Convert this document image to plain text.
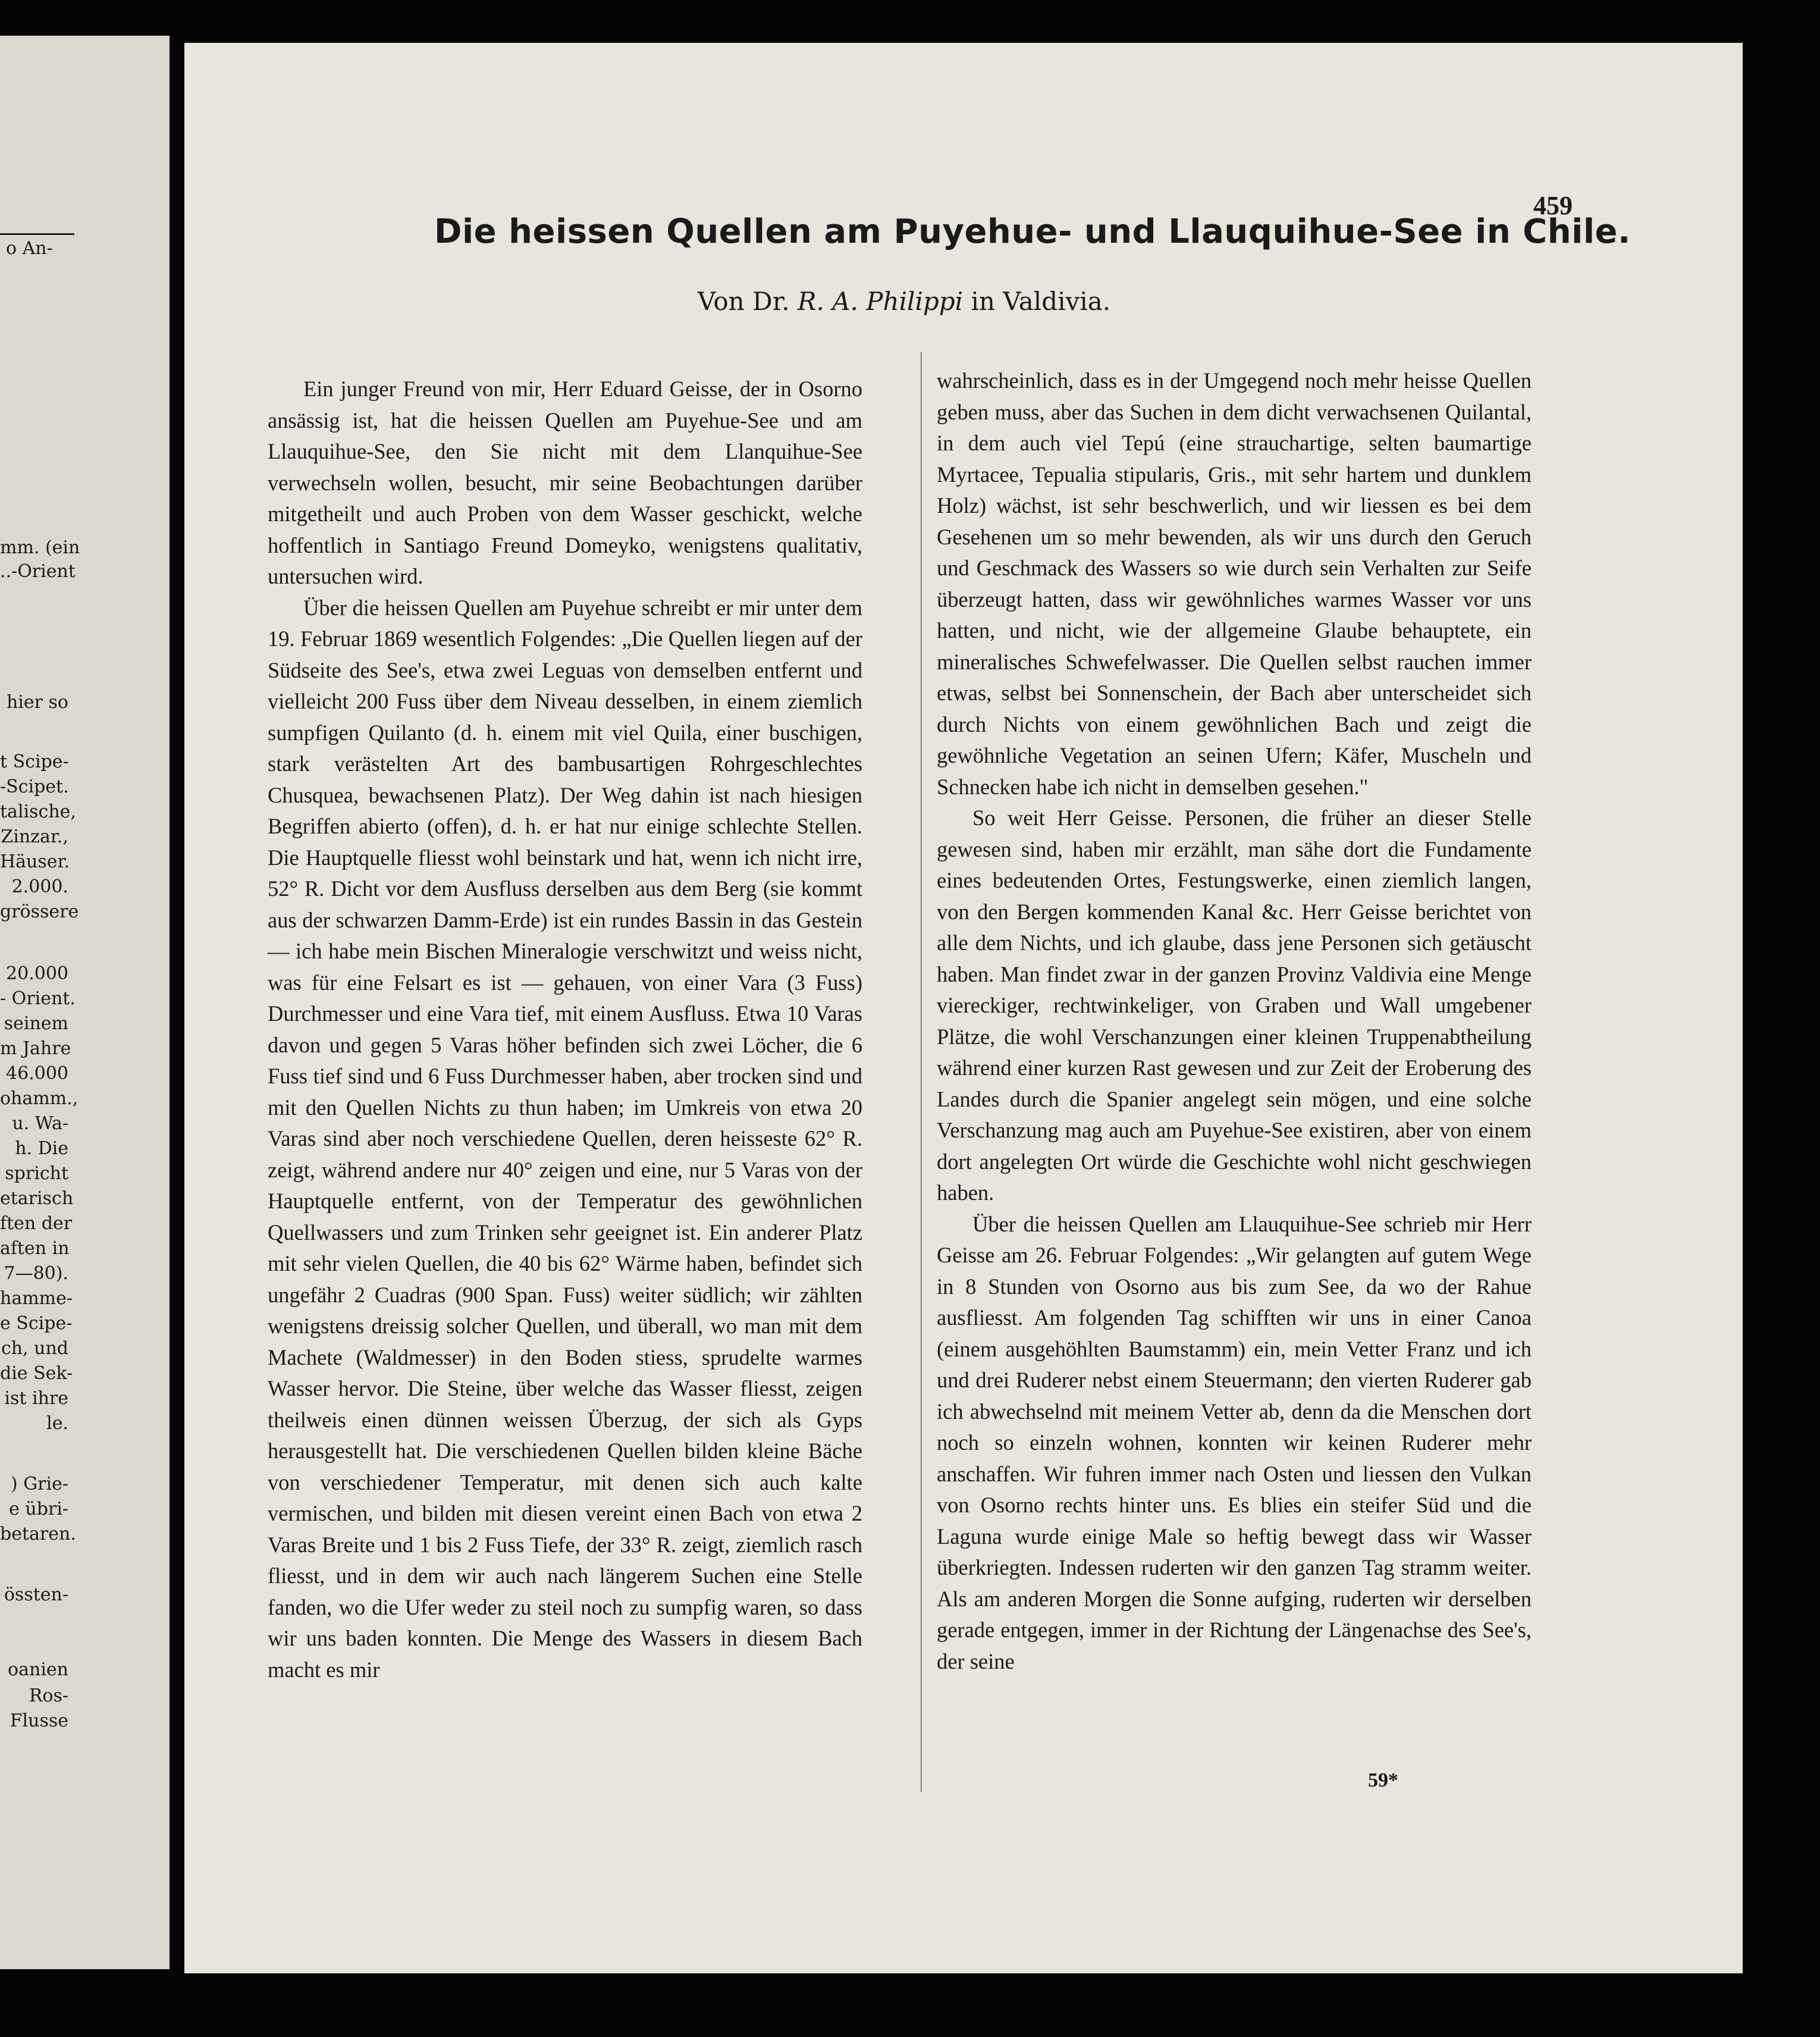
o An-
mm. (ein
..-Orient
hier so
t Scipe-
-Scipet.
talische,
Zinzar.,
Häuser.
2.000.
grössere
20.000
- Orient.
seinem
m Jahre
46.000
ohamm.,
u. Wa-
h. Die
spricht
etarisch
ften der
aften in
7—80).
hamme-
e Scipe-
ch, und
die Sek-
ist ihre
le.
) Grie-
e übri-
betaren.
össten-
oanien
Ros-
Flusse
459
Die heissen Quellen am Puyehue- und Llauquihue-See in Chile.

Von Dr. R. A. Philippi in Valdivia.

Ein junger Freund von mir, Herr Eduard Geisse, der in Osorno ansässig ist, hat die heissen Quellen am Puyehue-See und am Llauquihue-See, den Sie nicht mit dem Llanquihue-See verwechseln wollen, besucht, mir seine Beobachtungen darüber mitgetheilt und auch Proben von dem Wasser geschickt, welche hoffentlich in Santiago Freund Domeyko, wenigstens qualitativ, untersuchen wird.

Über die heissen Quellen am Puyehue schreibt er mir unter dem 19. Februar 1869 wesentlich Folgendes: „Die Quellen liegen auf der Südseite des See's, etwa zwei Leguas von demselben entfernt und vielleicht 200 Fuss über dem Niveau desselben, in einem ziemlich sumpfigen Quilanto (d. h. einem mit viel Quila, einer buschigen, stark verästelten Art des bambusartigen Rohrgeschlechtes Chusquea, bewachsenen Platz). Der Weg dahin ist nach hiesigen Begriffen abierto (offen), d. h. er hat nur einige schlechte Stellen. Die Hauptquelle fliesst wohl beinstark und hat, wenn ich nicht irre, 52° R. Dicht vor dem Ausfluss derselben aus dem Berg (sie kommt aus der schwarzen Damm-Erde) ist ein rundes Bassin in das Gestein — ich habe mein Bischen Mineralogie verschwitzt und weiss nicht, was für eine Felsart es ist — gehauen, von einer Vara (3 Fuss) Durchmesser und eine Vara tief, mit einem Ausfluss. Etwa 10 Varas davon und gegen 5 Varas höher befinden sich zwei Löcher, die 6 Fuss tief sind und 6 Fuss Durchmesser haben, aber trocken sind und mit den Quellen Nichts zu thun haben; im Umkreis von etwa 20 Varas sind aber noch verschiedene Quellen, deren heisseste 62° R. zeigt, während andere nur 40° zeigen und eine, nur 5 Varas von der Hauptquelle entfernt, von der Temperatur des gewöhnlichen Quellwassers und zum Trinken sehr geeignet ist. Ein anderer Platz mit sehr vielen Quellen, die 40 bis 62° Wärme haben, befindet sich ungefähr 2 Cuadras (900 Span. Fuss) weiter südlich; wir zählten wenigstens dreissig solcher Quellen, und überall, wo man mit dem Machete (Waldmesser) in den Boden stiess, sprudelte warmes Wasser hervor. Die Steine, über welche das Wasser fliesst, zeigen theilweis einen dünnen weissen Überzug, der sich als Gyps herausgestellt hat. Die verschiedenen Quellen bilden kleine Bäche von verschiedener Temperatur, mit denen sich auch kalte vermischen, und bilden mit diesen vereint einen Bach von etwa 2 Varas Breite und 1 bis 2 Fuss Tiefe, der 33° R. zeigt, ziemlich rasch fliesst, und in dem wir auch nach längerem Suchen eine Stelle fanden, wo die Ufer weder zu steil noch zu sumpfig waren, so dass wir uns baden konnten. Die Menge des Wassers in diesem Bach macht es mir

wahrscheinlich, dass es in der Umgegend noch mehr heisse Quellen geben muss, aber das Suchen in dem dicht verwachsenen Quilantal, in dem auch viel Tepú (eine strauchartige, selten baumartige Myrtacee, Tepualia stipularis, Gris., mit sehr hartem und dunklem Holz) wächst, ist sehr beschwerlich, und wir liessen es bei dem Gesehenen um so mehr bewenden, als wir uns durch den Geruch und Geschmack des Wassers so wie durch sein Verhalten zur Seife überzeugt hatten, dass wir gewöhnliches warmes Wasser vor uns hatten, und nicht, wie der allgemeine Glaube behauptete, ein mineralisches Schwefelwasser. Die Quellen selbst rauchen immer etwas, selbst bei Sonnenschein, der Bach aber unterscheidet sich durch Nichts von einem gewöhnlichen Bach und zeigt die gewöhnliche Vegetation an seinen Ufern; Käfer, Muscheln und Schnecken habe ich nicht in demselben gesehen."

So weit Herr Geisse. Personen, die früher an dieser Stelle gewesen sind, haben mir erzählt, man sähe dort die Fundamente eines bedeutenden Ortes, Festungswerke, einen ziemlich langen, von den Bergen kommenden Kanal &c. Herr Geisse berichtet von alle dem Nichts, und ich glaube, dass jene Personen sich getäuscht haben. Man findet zwar in der ganzen Provinz Valdivia eine Menge viereckiger, rechtwinkeliger, von Graben und Wall umgebener Plätze, die wohl Verschanzungen einer kleinen Truppenabtheilung während einer kurzen Rast gewesen und zur Zeit der Eroberung des Landes durch die Spanier angelegt sein mögen, und eine solche Verschanzung mag auch am Puyehue-See existiren, aber von einem dort angelegten Ort würde die Geschichte wohl nicht geschwiegen haben.

Über die heissen Quellen am Llauquihue-See schrieb mir Herr Geisse am 26. Februar Folgendes: „Wir gelangten auf gutem Wege in 8 Stunden von Osorno aus bis zum See, da wo der Rahue ausfliesst. Am folgenden Tag schifften wir uns in einer Canoa (einem ausgehöhlten Baumstamm) ein, mein Vetter Franz und ich und drei Ruderer nebst einem Steuermann; den vierten Ruderer gab ich abwechselnd mit meinem Vetter ab, denn da die Menschen dort noch so einzeln wohnen, konnten wir keinen Ruderer mehr anschaffen. Wir fuhren immer nach Osten und liessen den Vulkan von Osorno rechts hinter uns. Es blies ein steifer Süd und die Laguna wurde einige Male so heftig bewegt dass wir Wasser überkriegten. Indessen ruderten wir den ganzen Tag stramm weiter. Als am anderen Morgen die Sonne aufging, ruderten wir derselben gerade entgegen, immer in der Richtung der Längenachse des See's, der seine

59*
